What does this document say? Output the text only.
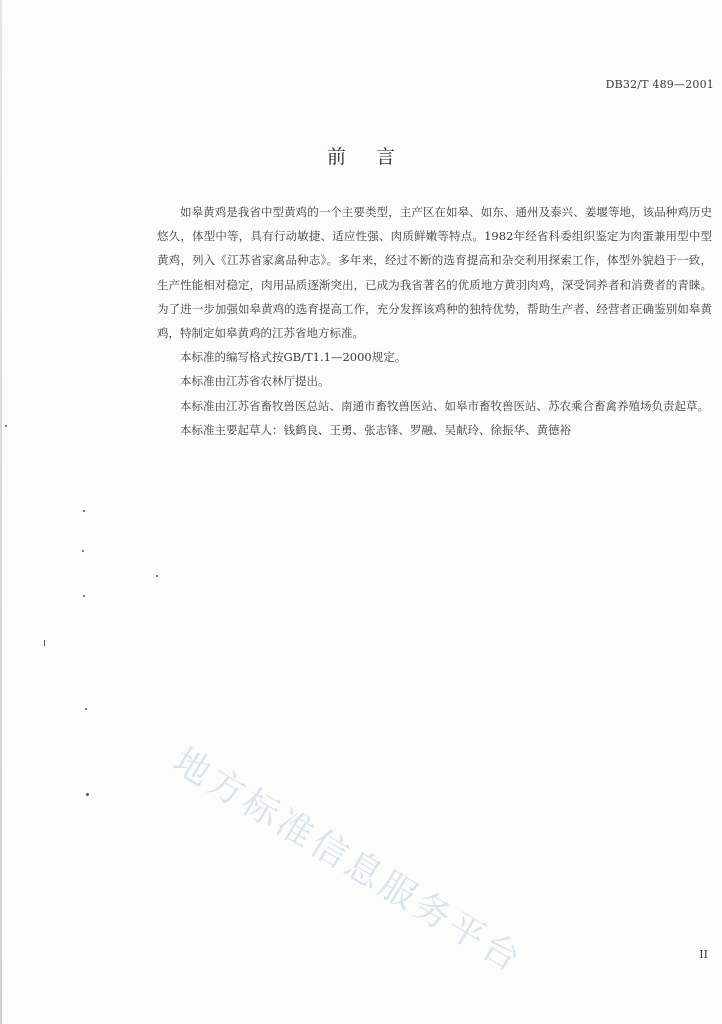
DB32/T 489—2001
前言

如皋黄鸡是我省中型黄鸡的一个主要类型，主产区在如皋、如东、通州及泰兴、姜堰等地，该品种鸡历史悠久，体型中等，具有行动敏捷、适应性强、肉质鲜嫩等特点。1982年经省科委组织鉴定为肉蛋兼用型中型黄鸡，列入《江苏省家禽品种志》。多年来，经过不断的选育提高和杂交利用探索工作，体型外貌趋于一致，生产性能相对稳定，肉用品质逐渐突出，已成为我省著名的优质地方黄羽肉鸡，深受饲养者和消费者的青睐。为了进一步加强如皋黄鸡的选育提高工作，充分发挥该鸡种的独特优势，帮助生产者、经营者正确鉴别如皋黄鸡，特制定如皋黄鸡的江苏省地方标准。

本标准的编写格式按GB/T1.1—2000规定。

本标准由江苏省农林厅提出。

本标准由江苏省畜牧兽医总站、南通市畜牧兽医站、如皋市畜牧兽医站、苏农乘合畜禽养殖场负责起草。

本标准主要起草人：钱鹤良、王勇、张志锋、罗融、吴献玲、徐振华、黄德裕

地方标准信息服务平台	II
